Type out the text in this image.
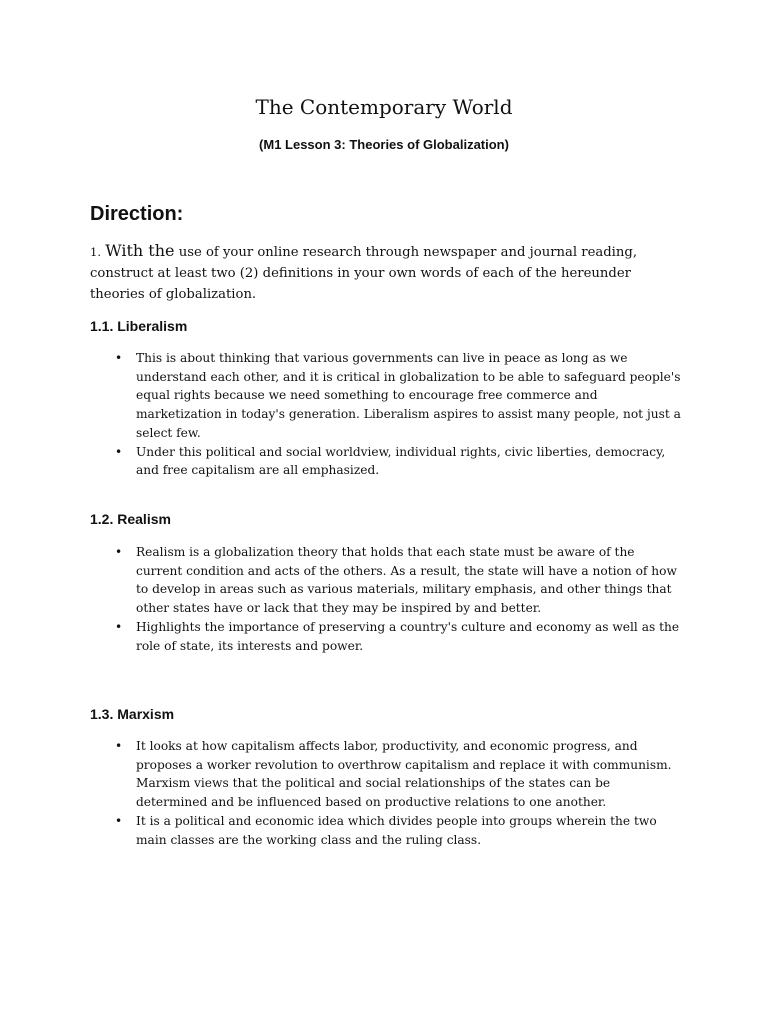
The Contemporary World

(M1 Lesson 3: Theories of Globalization)

Direction:

1. With the use of your online research through newspaper and journal reading, construct at least two (2) definitions in your own words of each of the hereunder theories of globalization.

1.1. Liberalism
• This is about thinking that various governments can live in peace as long as we understand each other, and it is critical in globalization to be able to safeguard people's equal rights because we need something to encourage free commerce and marketization in today's generation. Liberalism aspires to assist many people, not just a select few.
• Under this political and social worldview, individual rights, civic liberties, democracy, and free capitalism are all emphasized.
1.2. Realism
• Realism is a globalization theory that holds that each state must be aware of the current condition and acts of the others. As a result, the state will have a notion of how to develop in areas such as various materials, military emphasis, and other things that other states have or lack that they may be inspired by and better.
• Highlights the importance of preserving a country's culture and economy as well as the role of state, its interests and power.
1.3. Marxism
• It looks at how capitalism affects labor, productivity, and economic progress, and proposes a worker revolution to overthrow capitalism and replace it with communism. Marxism views that the political and social relationships of the states can be determined and be influenced based on productive relations to one another.
• It is a political and economic idea which divides people into groups wherein the two main classes are the working class and the ruling class.
